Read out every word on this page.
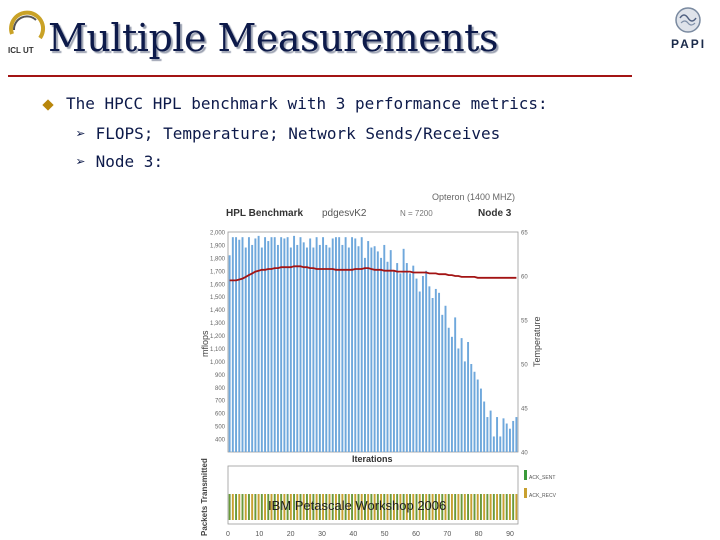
ICL UT Multiple Measurements	PAPI
The HPCC HPL benchmark with 3 performance metrics:
➢ FLOPS; Temperature; Network Sends/Receives
➢ Node 3:
Opteron (1400 MHZ)
HPL Benchmark pdgesvK2	N = 7200	Node 3
2,000
1,900
1,800
1,700
1,600
1,500
1,400
1,300
1,200
1,100
1,000
900
800
700
600
500
400
65
60
55
50
45
40
mflops	Temperature
Iterations
Packets Transmitted 0	10	20	30	40	50	60	70	80	90
ACK_SENT
ACK_RECV
IBM Petascale Workshop 2006
